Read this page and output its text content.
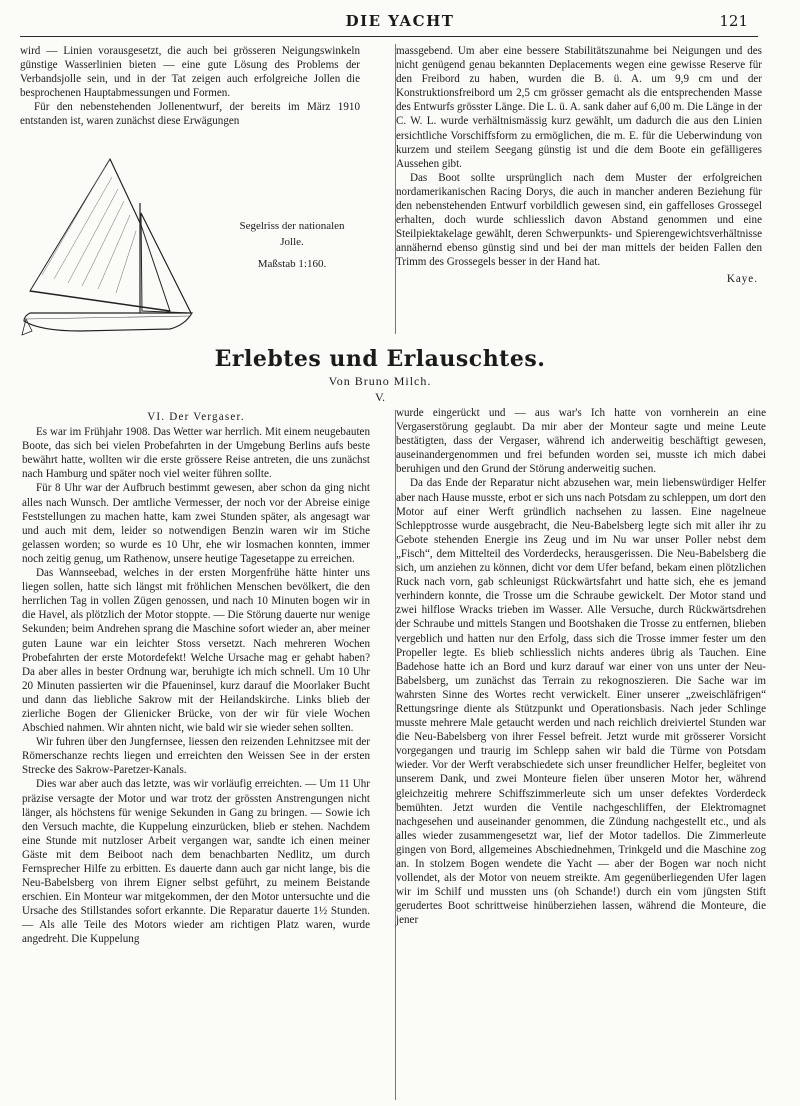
DIE YACHT	121

wird — Linien vorausgesetzt, die auch bei grösseren Neigungswinkeln günstige Wasserlinien bieten — eine gute Lösung des Problems der Verbandsjolle sein, und in der Tat zeigen auch erfolgreiche Jollen die besprochenen Hauptabmessungen und Formen.

Für den nebenstehenden Jollenentwurf, der bereits im März 1910 entstanden ist, waren zunächst diese Erwägungen

Segelriss der nationalen
Jolle.
Maßstab 1:160.

massgebend. Um aber eine bessere Stabilitätszunahme bei Neigungen und des nicht genügend genau bekannten Deplacements wegen eine gewisse Reserve für den Freibord zu haben, wurden die B. ü. A. um 9,9 cm und der Konstruktionsfreibord um 2,5 cm grösser gemacht als die entsprechenden Masse des Entwurfs grösster Länge. Die L. ü. A. sank daher auf 6,00 m. Die Länge in der C. W. L. wurde verhältnismässig kurz gewählt, um dadurch die aus den Linien ersichtliche Vorschiffsform zu ermöglichen, die m. E. für die Ueberwindung von kurzem und steilem Seegang günstig ist und die dem Boote ein gefälligeres Aussehen gibt.

Das Boot sollte ursprünglich nach dem Muster der erfolgreichen nordamerikanischen Racing Dorys, die auch in mancher anderen Beziehung für den nebenstehenden Entwurf vorbildlich gewesen sind, ein gaffelloses Grossegel erhalten, doch wurde schliesslich davon Abstand genommen und eine Steilpiektakelage gewählt, deren Schwerpunkts- und Spierengewichtsverhältnisse annähernd ebenso günstig sind und bei der man mittels der beiden Fallen den Trimm des Grossegels besser in der Hand hat.

Kaye.
Erlebtes und Erlauschtes.
Von Bruno Milch.
V.
VI. Der Vergaser.

Es war im Frühjahr 1908. Das Wetter war herrlich. Mit einem neugebauten Boote, das sich bei vielen Probefahrten in der Umgebung Berlins aufs beste bewährt hatte, wollten wir die erste grössere Reise antreten, die uns zunächst nach Hamburg und später noch viel weiter führen sollte.

Für 8 Uhr war der Aufbruch bestimmt gewesen, aber schon da ging nicht alles nach Wunsch. Der amtliche Vermesser, der noch vor der Abreise einige Feststellungen zu machen hatte, kam zwei Stunden später, als angesagt war und auch mit dem, leider so notwendigen Benzin waren wir im Stiche gelassen worden; so wurde es 10 Uhr, ehe wir losmachen konnten, immer noch zeitig genug, um Rathenow, unsere heutige Tagesetappe zu erreichen.

Das Wannseebad, welches in der ersten Morgenfrühe hätte hinter uns liegen sollen, hatte sich längst mit fröhlichen Menschen bevölkert, die den herrlichen Tag in vollen Zügen genossen, und nach 10 Minuten bogen wir in die Havel, als plötzlich der Motor stoppte. — Die Störung dauerte nur wenige Sekunden; beim Andrehen sprang die Maschine sofort wieder an, aber meiner guten Laune war ein leichter Stoss versetzt. Nach mehreren Wochen Probefahrten der erste Motordefekt! Welche Ursache mag er gehabt haben? Da aber alles in bester Ordnung war, beruhigte ich mich schnell. Um 10 Uhr 20 Minuten passierten wir die Pfaueninsel, kurz darauf die Moorlaker Bucht und dann das liebliche Sakrow mit der Heilandskirche. Links blieb der zierliche Bogen der Glienicker Brücke, von der wir für viele Wochen Abschied nahmen. Wir ahnten nicht, wie bald wir sie wieder sehen sollten.

Wir fuhren über den Jungfernsee, liessen den reizenden Lehnitzsee mit der Römerschanze rechts liegen und erreichten den Weissen See in der ersten Strecke des Sakrow-Paretzer-Kanals.

Dies war aber auch das letzte, was wir vorläufig erreichten. — Um 11 Uhr präzise versagte der Motor und war trotz der grössten Anstrengungen nicht länger, als höchstens für wenige Sekunden in Gang zu bringen. — Sowie ich den Versuch machte, die Kuppelung einzurücken, blieb er stehen. Nachdem eine Stunde mit nutzloser Arbeit vergangen war, sandte ich einen meiner Gäste mit dem Beiboot nach dem benachbarten Nedlitz, um durch Fernsprecher Hilfe zu erbitten. Es dauerte dann auch gar nicht lange, bis die Neu-Babelsberg von ihrem Eigner selbst geführt, zu meinem Beistande erschien. Ein Monteur war mitgekommen, der den Motor untersuchte und die Ursache des Stillstandes sofort erkannte. Die Reparatur dauerte 1½ Stunden. — Als alle Teile des Motors wieder am richtigen Platz waren, wurde angedreht. Die Kuppelung

wurde eingerückt und — aus war's Ich hatte von vornherein an eine Vergaserstörung geglaubt. Da mir aber der Monteur sagte und meine Leute bestätigten, dass der Vergaser, während ich anderweitig beschäftigt gewesen, auseinandergenommen und frei befunden worden sei, musste ich mich dabei beruhigen und den Grund der Störung anderweitig suchen.

Da das Ende der Reparatur nicht abzusehen war, mein liebenswürdiger Helfer aber nach Hause musste, erbot er sich uns nach Potsdam zu schleppen, um dort den Motor auf einer Werft gründlich nachsehen zu lassen. Eine nagelneue Schlepptrosse wurde ausgebracht, die Neu-Babelsberg legte sich mit aller ihr zu Gebote stehenden Energie ins Zeug und im Nu war unser Poller nebst dem „Fisch“, dem Mittelteil des Vorderdecks, herausgerissen. Die Neu-Babelsberg die sich, um anziehen zu können, dicht vor dem Ufer befand, bekam einen plötzlichen Ruck nach vorn, gab schleunigst Rückwärtsfahrt und hatte sich, ehe es jemand verhindern konnte, die Trosse um die Schraube gewickelt. Der Motor stand und zwei hilflose Wracks trieben im Wasser. Alle Versuche, durch Rückwärtsdrehen der Schraube und mittels Stangen und Bootshaken die Trosse zu entfernen, blieben vergeblich und hatten nur den Erfolg, dass sich die Trosse immer fester um den Propeller legte. Es blieb schliesslich nichts anderes übrig als Tauchen. Eine Badehose hatte ich an Bord und kurz darauf war einer von uns unter der Neu-Babelsberg, um zunächst das Terrain zu rekognoszieren. Die Sache war im wahrsten Sinne des Wortes recht verwickelt. Einer unserer „zweischläfrigen“ Rettungsringe diente als Stützpunkt und Operationsbasis. Nach jeder Schlinge musste mehrere Male getaucht werden und nach reichlich dreiviertel Stunden war die Neu-Babelsberg von ihrer Fessel befreit. Jetzt wurde mit grösserer Vorsicht vorgegangen und traurig im Schlepp sahen wir bald die Türme von Potsdam wieder. Vor der Werft verabschiedete sich unser freundlicher Helfer, begleitet von unserem Dank, und zwei Monteure fielen über unseren Motor her, während gleichzeitig mehrere Schiffszimmerleute sich um unser defektes Vorderdeck bemühten. Jetzt wurden die Ventile nachgeschliffen, der Elektromagnet nachgesehen und auseinander genommen, die Zündung nachgestellt etc., und als alles wieder zusammengesetzt war, lief der Motor tadellos. Die Zimmerleute gingen von Bord, allgemeines Abschiednehmen, Trinkgeld und die Maschine zog an. In stolzem Bogen wendete die Yacht — aber der Bogen war noch nicht vollendet, als der Motor von neuem streikte. Am gegenüberliegenden Ufer lagen wir im Schilf und mussten uns (oh Schande!) durch ein vom jüngsten Stift gerudertes Boot schrittweise hinüberziehen lassen, während die Monteure, die jener
